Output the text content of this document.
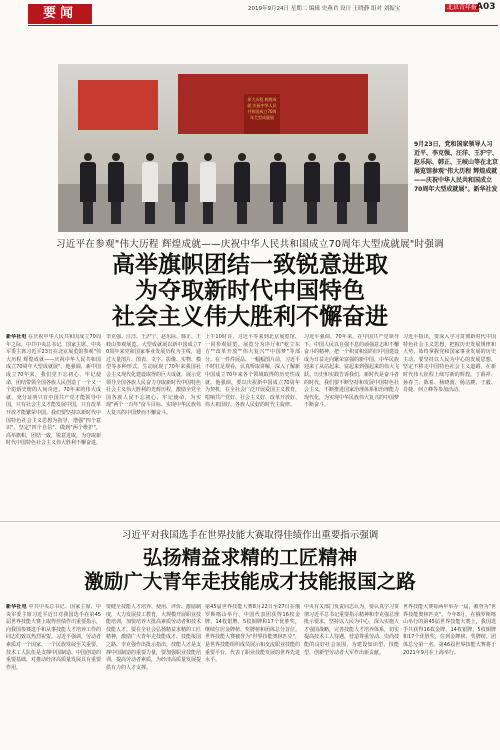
要闻	2019年9月24日 星期二 编辑 史燕君 设计 王晓静 组对 刘振宝	北京青年报
A03
伟大历程 辉煌成就 庆祝中华人民共和国成立70周年大型成就展
9月23日，党和国家领导人习近平、李克强、汪洋、王沪宁、赵乐际、韩正、王岐山等在北京展览馆参观"伟大历程 辉煌成就——庆祝中华人民共和国成立70周年大型成就展"。新华社发
习近平在参观"伟大历程 辉煌成就——庆祝中华人民共和国成立70周年大型成就展"时强调
高举旗帜团结一致锐意进取
为夺取新时代中国特色
社会主义伟大胜利不懈奋进
新华社电 在庆祝中华人民共和国成立70周年之际，中共中央总书记、国家主席、中央军委主席习近平23日在北京展览馆参观"伟大历程 辉煌成就——庆祝中华人民共和国成立70周年大型成就展"。他强调，新中国成立70年来，我们党不忘初心、牢记使命，团结带领全国各族人民创造了一个又一个彪炳史册的人间奇迹。70年来的伟大成就，充分证明只有中国共产党才能领导中国，只有社会主义才能发展中国，只有改革开放才能繁荣中国。我们要坚持以新时代中国特色社会主义思想为指导，增强"四个意识"、坚定"四个自信"、做到"两个维护"，高举旗帜，团结一致，锐意进取，为夺取新时代中国特色社会主义伟大胜利不懈奋进。
李克强、汪洋、王沪宁、赵乐际、韩正、王岐山参观展览。大型成就展以新中国成立70周年来党和国家事业发展历程为主线，通过大量图片、图表、文字、影像、实物、模型等多种形式，生动展现了70年来我国社会主义现代化建设取得的巨大成就，展示党领导全国各族人民奋力夺取新时代中国特色社会主义伟大胜利的光辉历程，激励全党全国各族人民不忘初心、牢记使命，为实现"两个一百年"奋斗目标、实现中华民族伟大复兴的中国梦而不懈奋斗。
上午10时许，习近平等来到北京展览馆，一同参观展览。展览分为序厅和"屹立东方""改革开放""伟大复兴""中国梦"等部分。在一件件展品、一幅幅图片前，习近平不时驻足观看，认真听取讲解，深入了解新中国成立70年来各个领域取得的历史性成就。他强调，要以庆祝新中国成立70周年为契机，在全社会广泛开展爱国主义教育，唱响共产党好、社会主义好、改革开放好、伟大祖国好、各族人民好的时代主旋律。
习近平强调，70年来，在中国共产党领导下，中国人民以自强不息的顽强意志和不懈奋斗的精神，把一个积贫积弱的旧中国建设成为日益走向繁荣富强的新中国，中华民族迎来了从站起来、富起来到强起来的伟大飞跃。历史和实践告诉我们，新时代是奋斗者的时代，我们要不断坚持和发展中国特色社会主义，不断推进国家治理体系和治理能力现代化，为实现中华民族伟大复兴的中国梦不断奋斗。
习近平指出，要深入学习贯彻新时代中国特色社会主义思想，把握历史发展规律和大势，始终掌握党和国家事业发展的历史主动。要坚持以人民为中心的发展思想，坚定不移走中国特色社会主义道路，在新时代伟大征程上续写新的辉煌。丁薛祥、孙春兰、陈希、杨晓渡、杨洁篪、王毅、肖捷、何立峰等参加活动。
习近平对我国选手在世界技能大赛取得佳绩作出重要指示强调
弘扬精益求精的工匠精神
激励广大青年走技能成才技能报国之路
新华社电 中共中央总书记、国家主席、中央军委主席习近平近日对我国选手在第45届世界技能大赛上取得佳绩作出重要指示，向我国参赛选手和从事技能人才培养工作的同志们致以热烈祝贺。习近平强调，劳动者素质对一个国家、一个民族发展至关重要。技术工人队伍是支撑中国制造、中国创造的重要基础，对推动经济高质量发展具有重要作用。
要健全技能人才培养、使用、评价、激励制度，大力发展技工教育，大规模开展职业技能培训，加快培养大批高素质劳动者和技术技能人才。要在全社会弘扬精益求精的工匠精神，激励广大青年走技能成才、技能报国之路。李克强作出批示指出，技能人才是支撑中国制造的重要力量，要加强职业技能培训，提高劳动者素质，为经济高质量发展提供有力的人才支撑。
第45届世界技能大赛8月22日至27日在俄罗斯喀山举行，中国代表团获得16枚金牌、14枚银牌、5枚铜牌和17个优胜奖，继续位居金牌榜、奖牌榜和团体总分首位。世界技能大赛被誉为"世界技能奥林匹克"，是世界技能组织成员展示和交流职业技能的重要平台，代表了职业技能发展的世界先进水平。
中央有关部门负责同志认为，要认真学习贯彻习近平总书记重要指示精神和李克强总理批示要求，坚持以人民为中心，深入实施人才强国战略，完善技能人才培养体系，切实提高技术工人待遇，营造尊重劳动、崇尚技能的良好社会氛围，为建设知识型、技能型、创新型劳动者大军作出新贡献。
世界技能大赛每两年举办一届，被誉为"世界技能奥林匹克"。今年8月，在俄罗斯喀山举行的第45届世界技能大赛上，我国选手共获得16枚金牌、14枚银牌、5枚铜牌和17个优胜奖，位列金牌榜、奖牌榜、团体总分第一名。第46届世界技能大赛将于2021年9月在上海举行。
